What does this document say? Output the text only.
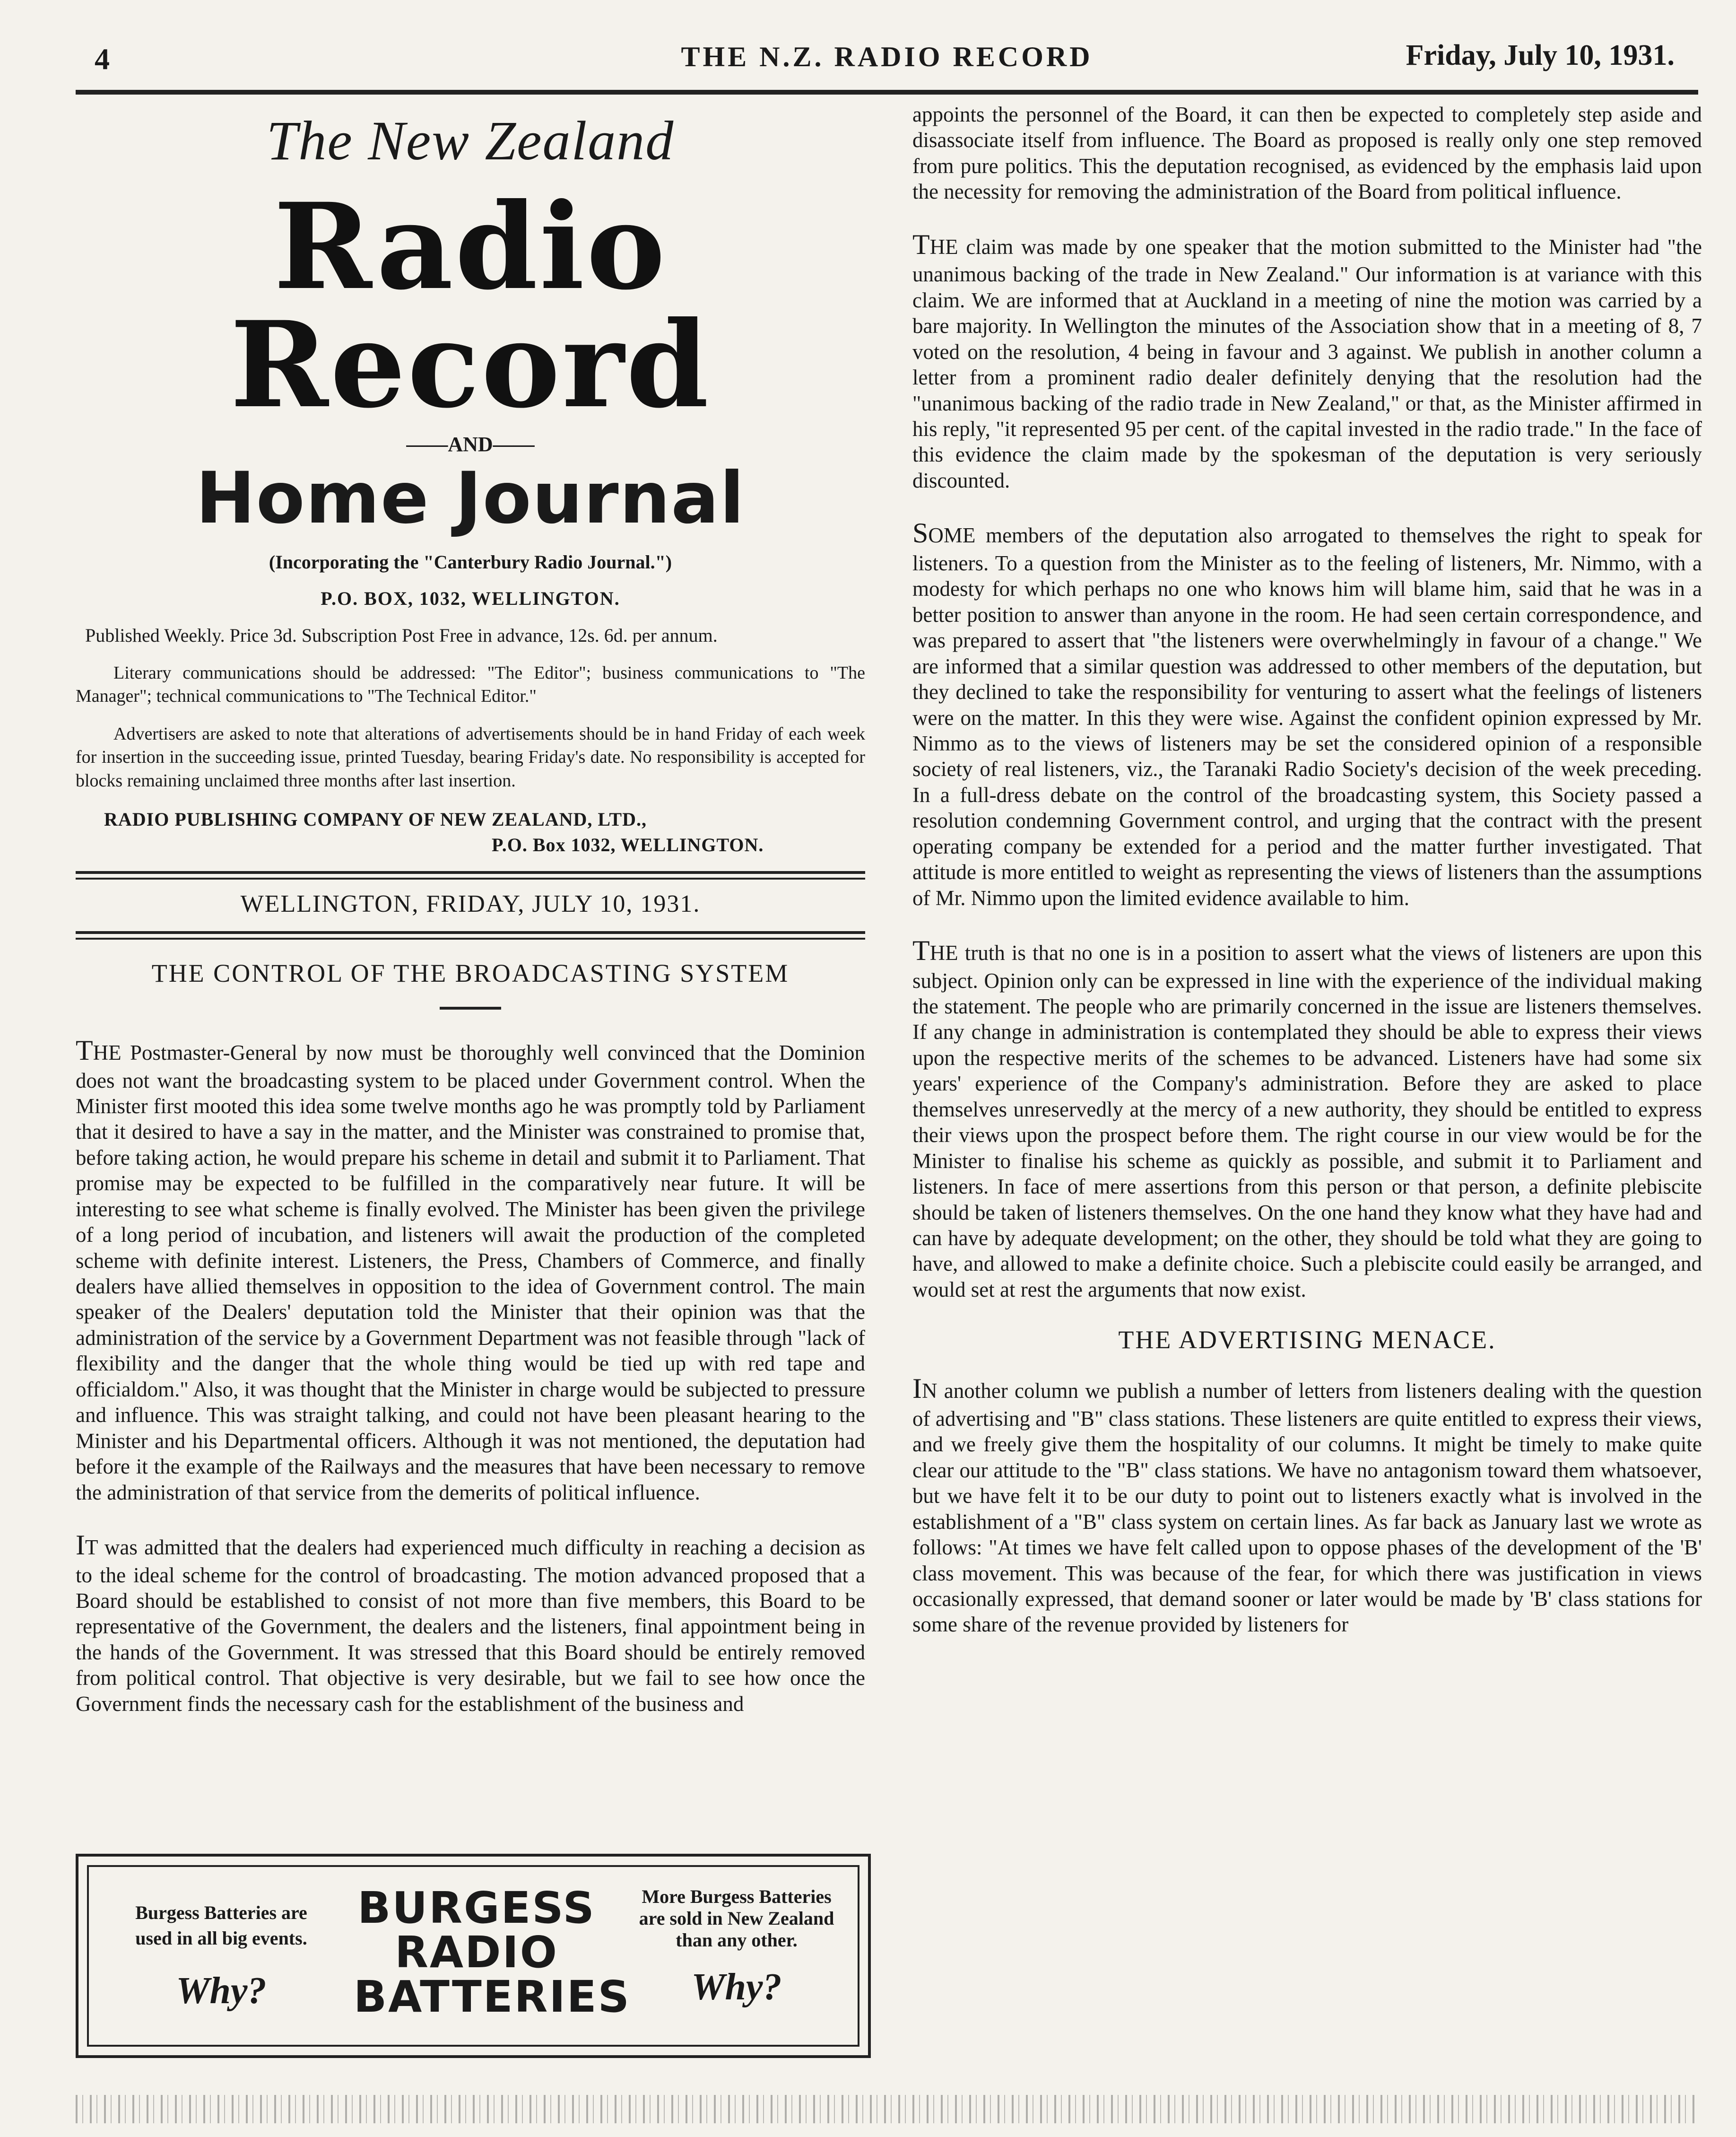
4	THE N.Z. RADIO RECORD	Friday, July 10, 1931.
The New Zealand
Radio Record
——AND——
Home Journal
(Incorporating the "Canterbury Radio Journal.")
P.O. BOX, 1032, WELLINGTON.
Published Weekly. Price 3d. Subscription Post Free in advance, 12s. 6d. per annum.
Literary communications should be addressed: "The Editor"; business communications to "The Manager"; technical communications to "The Technical Editor."
Advertisers are asked to note that alterations of advertisements should be in hand Friday of each week for insertion in the succeeding issue, printed Tuesday, bearing Friday's date. No responsibility is accepted for blocks remaining unclaimed three months after last insertion.
RADIO PUBLISHING COMPANY OF NEW ZEALAND, LTD.,
P.O. Box 1032, WELLINGTON.
WELLINGTON, FRIDAY, JULY 10, 1931.
THE CONTROL OF THE BROADCASTING SYSTEM

THE Postmaster-General by now must be thoroughly well convinced that the Dominion does not want the broadcasting system to be placed under Government control. When the Minister first mooted this idea some twelve months ago he was promptly told by Parliament that it desired to have a say in the matter, and the Minister was constrained to promise that, before taking action, he would prepare his scheme in detail and submit it to Parliament. That promise may be expected to be fulfilled in the comparatively near future. It will be interesting to see what scheme is finally evolved. The Minister has been given the privilege of a long period of incubation, and listeners will await the production of the completed scheme with definite interest. Listeners, the Press, Chambers of Commerce, and finally dealers have allied themselves in opposition to the idea of Government control. The main speaker of the Dealers' deputation told the Minister that their opinion was that the administration of the service by a Government Department was not feasible through "lack of flexibility and the danger that the whole thing would be tied up with red tape and officialdom." Also, it was thought that the Minister in charge would be subjected to pressure and influence. This was straight talking, and could not have been pleasant hearing to the Minister and his Departmental officers. Although it was not mentioned, the deputation had before it the example of the Railways and the measures that have been necessary to remove the administration of that service from the demerits of political influence.

IT was admitted that the dealers had experienced much difficulty in reaching a decision as to the ideal scheme for the control of broadcasting. The motion advanced proposed that a Board should be established to consist of not more than five members, this Board to be representative of the Government, the dealers and the listeners, final appointment being in the hands of the Government. It was stressed that this Board should be entirely removed from political control. That objective is very desirable, but we fail to see how once the Government finds the necessary cash for the establishment of the business and

Burgess Batteries are used in all big events.
Why?
BURGESS
RADIO
BATTERIES
More Burgess Batteries are sold in New Zealand than any other.
Why?

appoints the personnel of the Board, it can then be expected to completely step aside and disassociate itself from influence. The Board as proposed is really only one step removed from pure politics. This the deputation recognised, as evidenced by the emphasis laid upon the necessity for removing the administration of the Board from political influence.

THE claim was made by one speaker that the motion submitted to the Minister had "the unanimous backing of the trade in New Zealand." Our information is at variance with this claim. We are informed that at Auckland in a meeting of nine the motion was carried by a bare majority. In Wellington the minutes of the Association show that in a meeting of 8, 7 voted on the resolution, 4 being in favour and 3 against. We publish in another column a letter from a prominent radio dealer definitely denying that the resolution had the "unanimous backing of the radio trade in New Zealand," or that, as the Minister affirmed in his reply, "it represented 95 per cent. of the capital invested in the radio trade." In the face of this evidence the claim made by the spokesman of the deputation is very seriously discounted.

SOME members of the deputation also arrogated to themselves the right to speak for listeners. To a question from the Minister as to the feeling of listeners, Mr. Nimmo, with a modesty for which perhaps no one who knows him will blame him, said that he was in a better position to answer than anyone in the room. He had seen certain correspondence, and was prepared to assert that "the listeners were overwhelmingly in favour of a change." We are informed that a similar question was addressed to other members of the deputation, but they declined to take the responsibility for venturing to assert what the feelings of listeners were on the matter. In this they were wise. Against the confident opinion expressed by Mr. Nimmo as to the views of listeners may be set the considered opinion of a responsible society of real listeners, viz., the Taranaki Radio Society's decision of the week preceding. In a full-dress debate on the control of the broadcasting system, this Society passed a resolution condemning Government control, and urging that the contract with the present operating company be extended for a period and the matter further investigated. That attitude is more entitled to weight as representing the views of listeners than the assumptions of Mr. Nimmo upon the limited evidence available to him.

THE truth is that no one is in a position to assert what the views of listeners are upon this subject. Opinion only can be expressed in line with the experience of the individual making the statement. The people who are primarily concerned in the issue are listeners themselves. If any change in administration is contemplated they should be able to express their views upon the respective merits of the schemes to be advanced. Listeners have had some six years' experience of the Company's administration. Before they are asked to place themselves unreservedly at the mercy of a new authority, they should be entitled to express their views upon the prospect before them. The right course in our view would be for the Minister to finalise his scheme as quickly as possible, and submit it to Parliament and listeners. In face of mere assertions from this person or that person, a definite plebiscite should be taken of listeners themselves. On the one hand they know what they have had and can have by adequate development; on the other, they should be told what they are going to have, and allowed to make a definite choice. Such a plebiscite could easily be arranged, and would set at rest the arguments that now exist.

THE ADVERTISING MENACE.

IN another column we publish a number of letters from listeners dealing with the question of advertising and "B" class stations. These listeners are quite entitled to express their views, and we freely give them the hospitality of our columns. It might be timely to make quite clear our attitude to the "B" class stations. We have no antagonism toward them whatsoever, but we have felt it to be our duty to point out to listeners exactly what is involved in the establishment of a "B" class system on certain lines. As far back as January last we wrote as follows: "At times we have felt called upon to oppose phases of the development of the 'B' class movement. This was because of the fear, for which there was justification in views occasionally expressed, that demand sooner or later would be made by 'B' class stations for some share of the revenue provided by listeners for
